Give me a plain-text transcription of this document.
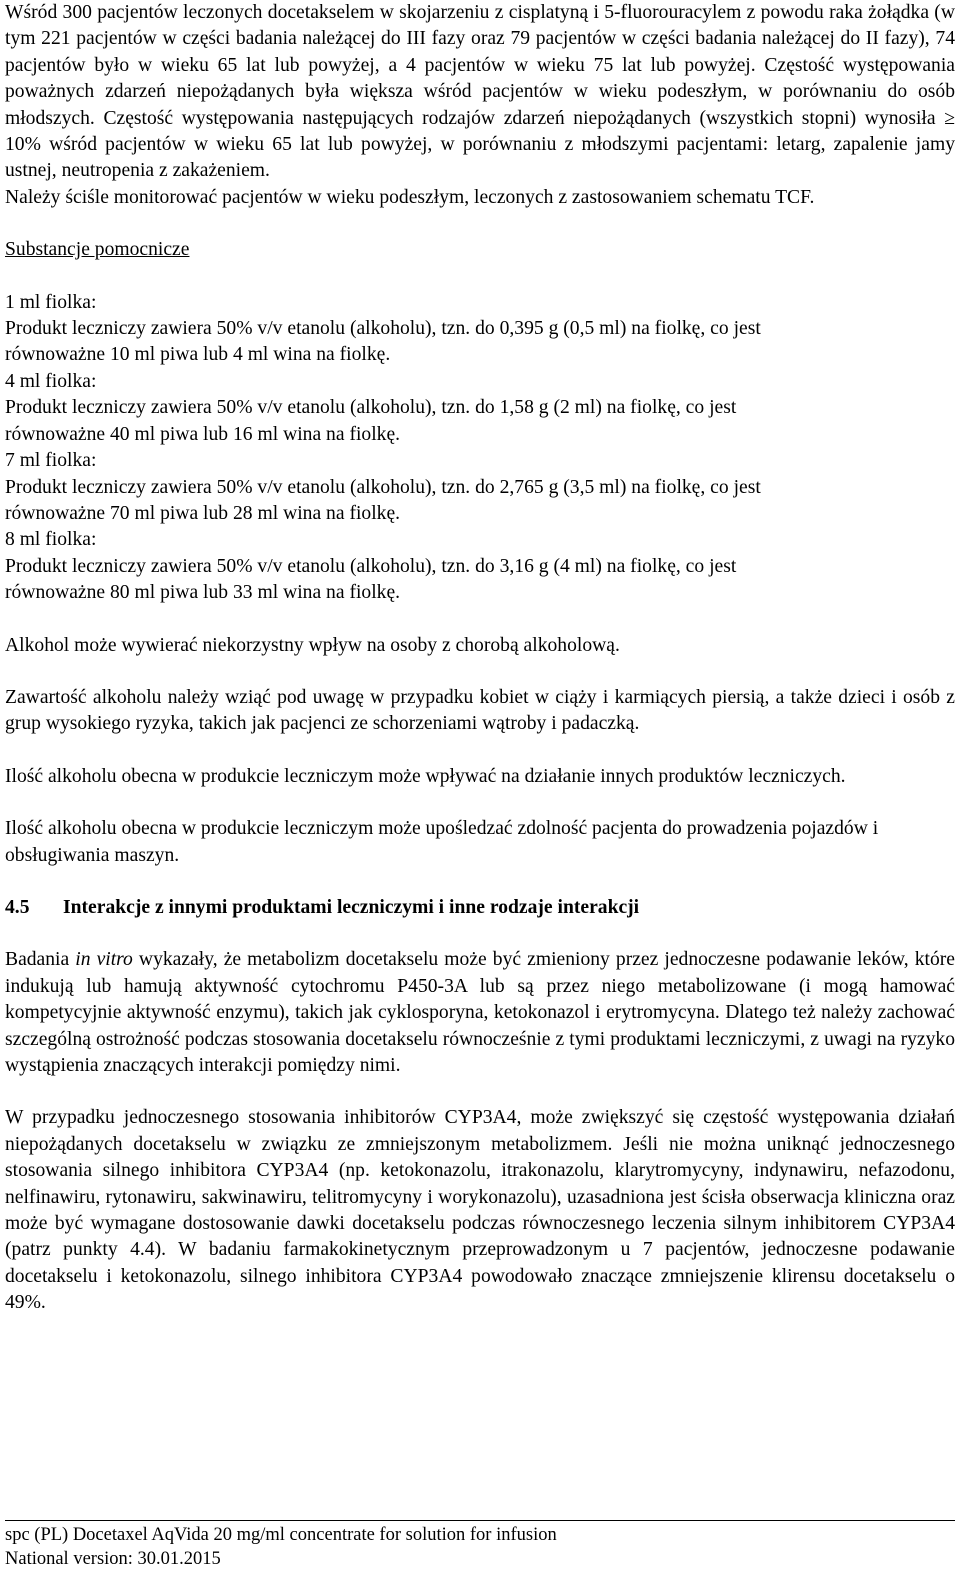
Wśród 300 pacjentów leczonych docetakselem w skojarzeniu z cisplatyną i 5-fluorouracylem z powodu raka żołądka (w tym 221 pacjentów w części badania należącej do III fazy oraz 79 pacjentów w części badania należącej do II fazy), 74 pacjentów było w wieku 65 lat lub powyżej, a 4 pacjentów w wieku 75 lat lub powyżej. Częstość występowania poważnych zdarzeń niepożądanych była większa wśród pacjentów w wieku podeszłym, w porównaniu do osób młodszych. Częstość występowania następujących rodzajów zdarzeń niepożądanych (wszystkich stopni) wynosiła ≥ 10% wśród pacjentów w wieku 65 lat lub powyżej, w porównaniu z młodszymi pacjentami: letarg, zapalenie jamy ustnej, neutropenia z zakażeniem.

Należy ściśle monitorować pacjentów w wieku podeszłym, leczonych z zastosowaniem schematu TCF.

Substancje pomocnicze

1 ml fiolka:

Produkt leczniczy zawiera 50% v/v etanolu (alkoholu), tzn. do 0,395 g (0,5 ml) na fiolkę, co jest

równoważne 10 ml piwa lub 4 ml wina na fiolkę.

4 ml fiolka:

Produkt leczniczy zawiera 50% v/v etanolu (alkoholu), tzn. do 1,58 g (2 ml) na fiolkę, co jest

równoważne 40 ml piwa lub 16 ml wina na fiolkę.

7 ml fiolka:

Produkt leczniczy zawiera 50% v/v etanolu (alkoholu), tzn. do 2,765 g (3,5 ml) na fiolkę, co jest

równoważne 70 ml piwa lub 28 ml wina na fiolkę.

8 ml fiolka:

Produkt leczniczy zawiera 50% v/v etanolu (alkoholu), tzn. do 3,16 g (4 ml) na fiolkę, co jest

równoważne 80 ml piwa lub 33 ml wina na fiolkę.

Alkohol może wywierać niekorzystny wpływ na osoby z chorobą alkoholową.

Zawartość alkoholu należy wziąć pod uwagę w przypadku kobiet w ciąży i karmiących piersią, a także dzieci i osób z grup wysokiego ryzyka, takich jak pacjenci ze schorzeniami wątroby i padaczką.

Ilość alkoholu obecna w produkcie leczniczym może wpływać na działanie innych produktów leczniczych.

Ilość alkoholu obecna w produkcie leczniczym może upośledzać zdolność pacjenta do prowadzenia pojazdów i obsługiwania maszyn.

4.5 Interakcje z innymi produktami leczniczymi i inne rodzaje interakcji

Badania in vitro wykazały, że metabolizm docetakselu może być zmieniony przez jednoczesne podawanie leków, które indukują lub hamują aktywność cytochromu P450-3A lub są przez niego metabolizowane (i mogą hamować kompetycyjnie aktywność enzymu), takich jak cyklosporyna, ketokonazol i erytromycyna. Dlatego też należy zachować szczególną ostrożność podczas stosowania docetakselu równocześnie z tymi produktami leczniczymi, z uwagi na ryzyko wystąpienia znaczących interakcji pomiędzy nimi.

W przypadku jednoczesnego stosowania inhibitorów CYP3A4, może zwiększyć się częstość występowania działań niepożądanych docetakselu w związku ze zmniejszonym metabolizmem. Jeśli nie można uniknąć jednoczesnego stosowania silnego inhibitora CYP3A4 (np. ketokonazolu, itrakonazolu, klarytromycyny, indynawiru, nefazodonu, nelfinawiru, rytonawiru, sakwinawiru, telitromycyny i worykonazolu), uzasadniona jest ścisła obserwacja kliniczna oraz może być wymagane dostosowanie dawki docetakselu podczas równoczesnego leczenia silnym inhibitorem CYP3A4 (patrz punkty 4.4). W badaniu farmakokinetycznym przeprowadzonym u 7 pacjentów, jednoczesne podawanie docetakselu i ketokonazolu, silnego inhibitora CYP3A4 powodowało znaczące zmniejszenie klirensu docetakselu o 49%.

spc (PL) Docetaxel AqVida 20 mg/ml concentrate for solution for infusion

National version: 30.01.2015
